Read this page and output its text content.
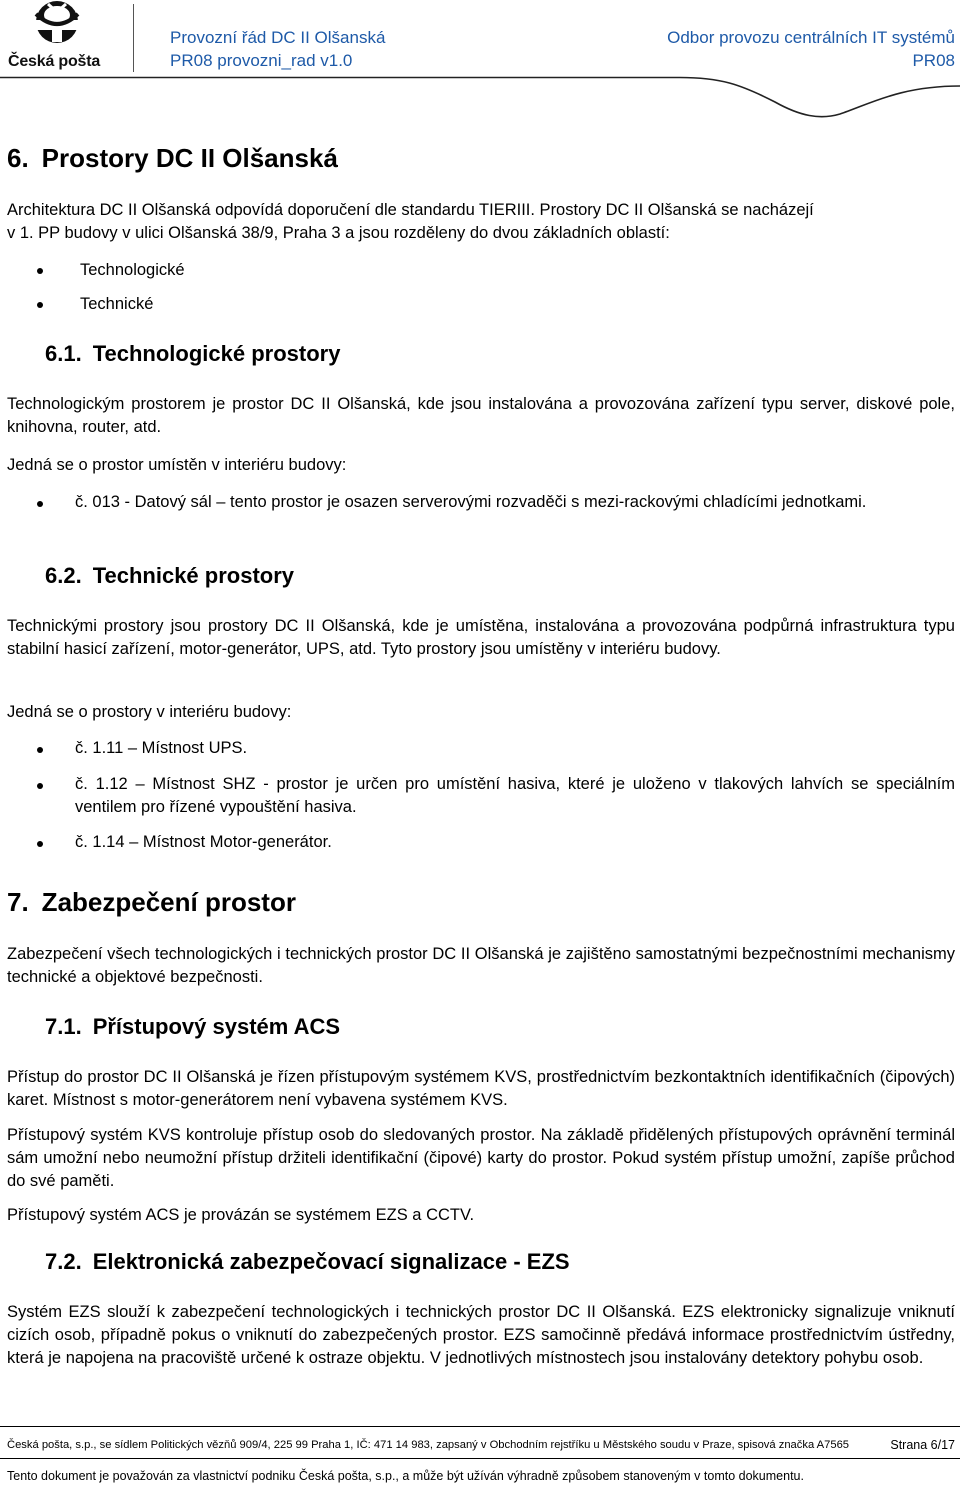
Česká pošta
Provozní řád DC II Olšanská
PR08 provozni_rad v1.0
Odbor provozu centrálních IT systémů
PR08
6. Prostory DC II Olšanská
Architektura DC II Olšanská odpovídá doporučení dle standardu TIERIII. Prostory DC II Olšanská se nacházejí
v 1. PP budovy v ulici Olšanská 38/9, Praha 3 a jsou rozděleny do dvou základních oblastí:
Technologické
Technické
6.1. Technologické prostory
Technologickým prostorem je prostor DC II Olšanská, kde jsou instalována a provozována zařízení typu server, diskové pole, knihovna, router, atd.
Jedná se o prostor umístěn v interiéru budovy:
č. 013 - Datový sál – tento prostor je osazen serverovými rozvaděči s mezi-rackovými chladícími jednotkami.
6.2. Technické prostory
Technickými prostory jsou prostory DC II Olšanská, kde je umístěna, instalována a provozována podpůrná infrastruktura typu stabilní hasicí zařízení, motor-generátor, UPS, atd. Tyto prostory jsou umístěny v interiéru budovy.
Jedná se o prostory v interiéru budovy:
č. 1.11 – Místnost UPS.
č. 1.12 – Místnost SHZ - prostor je určen pro umístění hasiva, které je uloženo v tlakových lahvích se speciálním ventilem pro řízené vypouštění hasiva.
č. 1.14 – Místnost Motor-generátor.
7. Zabezpečení prostor
Zabezpečení všech technologických i technických prostor DC II Olšanská je zajištěno samostatnými bezpečnostními mechanismy technické a objektové bezpečnosti.
7.1. Přístupový systém ACS
Přístup do prostor DC II Olšanská je řízen přístupovým systémem KVS, prostřednictvím bezkontaktních identifikačních (čipových) karet. Místnost s motor-generátorem není vybavena systémem KVS.
Přístupový systém KVS kontroluje přístup osob do sledovaných prostor. Na základě přidělených přístupových oprávnění terminál sám umožní nebo neumožní přístup držiteli identifikační (čipové) karty do prostor. Pokud systém přístup umožní, zapíše průchod do své paměti.
Přístupový systém ACS je provázán se systémem EZS a CCTV.
7.2. Elektronická zabezpečovací signalizace - EZS
Systém EZS slouží k zabezpečení technologických i technických prostor DC II Olšanská. EZS elektronicky signalizuje vniknutí cizích osob, případně pokus o vniknutí do zabezpečených prostor. EZS samočinně předává informace prostřednictvím ústředny, která je napojena na pracoviště určené k ostraze objektu. V jednotlivých místnostech jsou instalovány detektory pohybu osob.
Česká pošta, s.p., se sídlem Politických vězňů 909/4, 225 99 Praha 1, IČ: 471 14 983, zapsaný v Obchodním rejstříku u Městského soudu v Praze, spisová značka A7565	Strana 6/17
Tento dokument je považován za vlastnictví podniku Česká pošta, s.p., a může být užíván výhradně způsobem stanoveným v tomto dokumentu.
